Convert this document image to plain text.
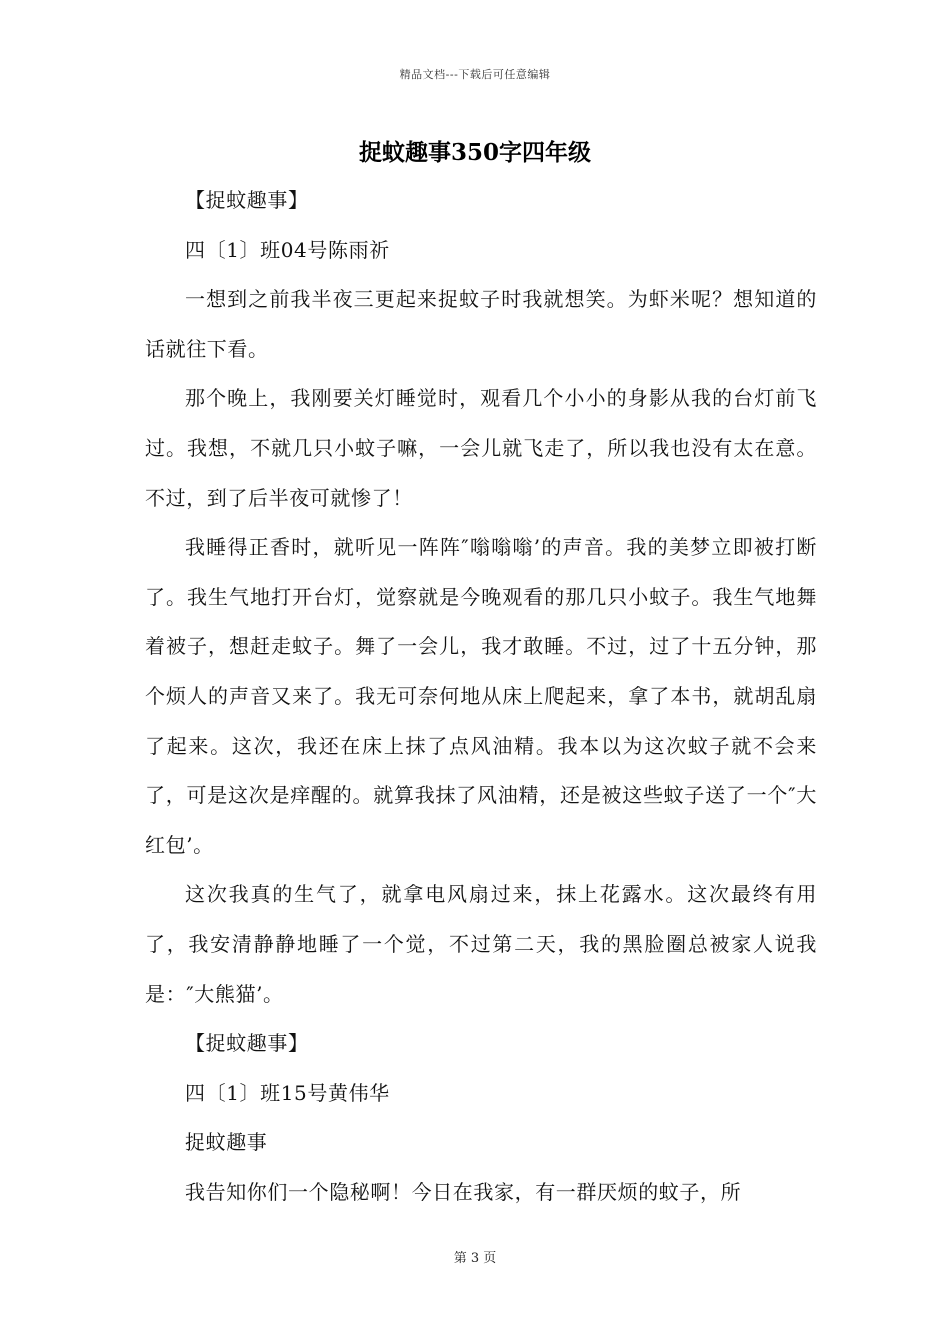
精品文档---下载后可任意编辑
捉蚊趣事350字四年级

【捉蚊趣事】

四〔1〕班04号陈雨祈

一想到之前我半夜三更起来捉蚊子时我就想笑。为虾米呢？想知道的话就往下看。

那个晚上，我刚要关灯睡觉时，观看几个小小的身影从我的台灯前飞过。我想，不就几只小蚊子嘛，一会儿就飞走了，所以我也没有太在意。不过，到了后半夜可就惨了！

我睡得正香时，就听见一阵阵″嗡嗡嗡’的声音。我的美梦立即被打断了。我生气地打开台灯，觉察就是今晚观看的那几只小蚊子。我生气地舞着被子，想赶走蚊子。舞了一会儿，我才敢睡。不过，过了十五分钟，那个烦人的声音又来了。我无可奈何地从床上爬起来，拿了本书，就胡乱扇了起来。这次，我还在床上抹了点风油精。我本以为这次蚊子就不会来了，可是这次是痒醒的。就算我抹了风油精，还是被这些蚊子送了一个″大红包’。

这次我真的生气了，就拿电风扇过来，抹上花露水。这次最终有用了，我安清静静地睡了一个觉，不过第二天，我的黑脸圈总被家人说我是：″大熊猫’。

【捉蚊趣事】

四〔1〕班15号黄伟华

捉蚊趣事

我告知你们一个隐秘啊！今日在我家，有一群厌烦的蚊子，所

第 3 页
